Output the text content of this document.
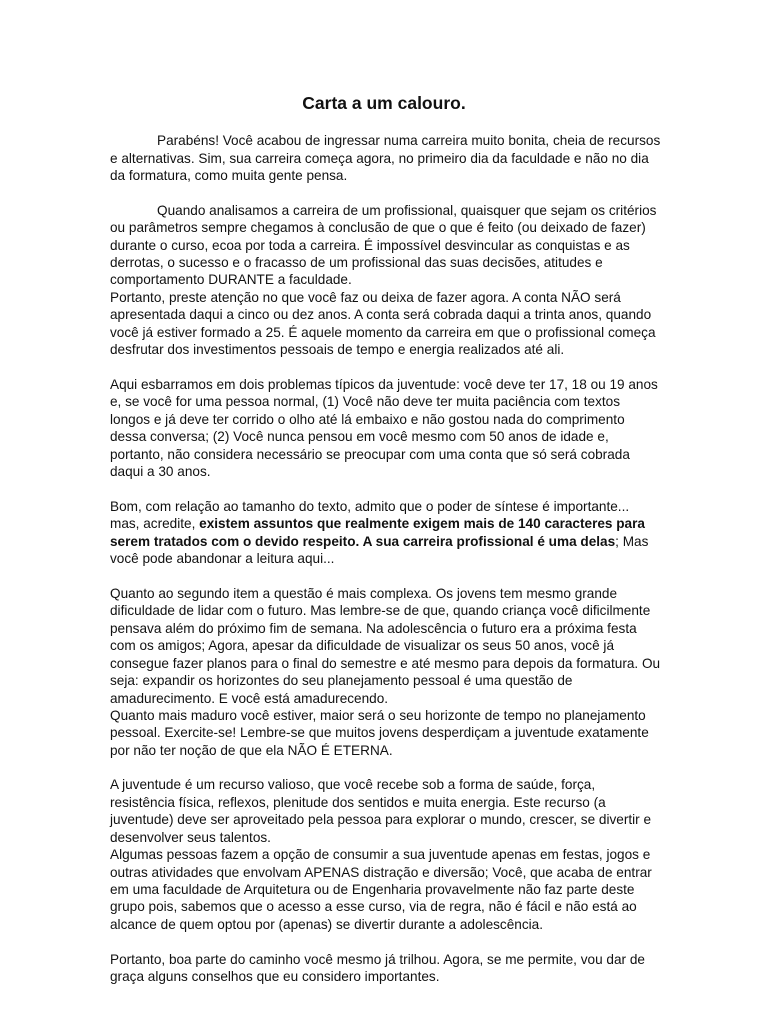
Carta a um calouro.

Parabéns! Você acabou de ingressar numa carreira muito bonita, cheia de recursos

e alternativas. Sim, sua carreira começa agora, no primeiro dia da faculdade e não no dia

da formatura, como muita gente pensa.

Quando analisamos a carreira de um profissional, quaisquer que sejam os critérios

ou parâmetros sempre chegamos à conclusão de que o que é feito (ou deixado de fazer)

durante o curso, ecoa por toda a carreira. É impossível desvincular as conquistas e as

derrotas, o sucesso e o fracasso de um profissional das suas decisões, atitudes e

comportamento DURANTE a faculdade.

Portanto, preste atenção no que você faz ou deixa de fazer agora. A conta NÃO será

apresentada daqui a cinco ou dez anos. A conta será cobrada daqui a trinta anos, quando

você já estiver formado a 25. É aquele momento da carreira em que o profissional começa

desfrutar dos investimentos pessoais de tempo e energia realizados até ali.

Aqui esbarramos em dois problemas típicos da juventude: você deve ter 17, 18 ou 19 anos

e, se você for uma pessoa normal, (1) Você não deve ter muita paciência com textos

longos e já deve ter corrido o olho até lá embaixo e não gostou nada do comprimento

dessa conversa; (2) Você nunca pensou em você mesmo com 50 anos de idade e,

portanto, não considera necessário se preocupar com uma conta que só será cobrada

daqui a 30 anos.

Bom, com relação ao tamanho do texto, admito que o poder de síntese é importante...

mas, acredite, existem assuntos que realmente exigem mais de 140 caracteres para

serem tratados com o devido respeito. A sua carreira profissional é uma delas; Mas

você pode abandonar a leitura aqui...

Quanto ao segundo item a questão é mais complexa. Os jovens tem mesmo grande

dificuldade de lidar com o futuro. Mas lembre-se de que, quando criança você dificilmente

pensava além do próximo fim de semana. Na adolescência o futuro era a próxima festa

com os amigos; Agora, apesar da dificuldade de visualizar os seus 50 anos, você já

consegue fazer planos para o final do semestre e até mesmo para depois da formatura. Ou

seja: expandir os horizontes do seu planejamento pessoal é uma questão de

amadurecimento. E você está amadurecendo.

Quanto mais maduro você estiver, maior será o seu horizonte de tempo no planejamento

pessoal. Exercite-se! Lembre-se que muitos jovens desperdiçam a juventude exatamente

por não ter noção de que ela NÃO É ETERNA.

A juventude é um recurso valioso, que você recebe sob a forma de saúde, força,

resistência física, reflexos, plenitude dos sentidos e muita energia. Este recurso (a

juventude) deve ser aproveitado pela pessoa para explorar o mundo, crescer, se divertir e

desenvolver seus talentos.

Algumas pessoas fazem a opção de consumir a sua juventude apenas em festas, jogos e

outras atividades que envolvam APENAS distração e diversão; Você, que acaba de entrar

em uma faculdade de Arquitetura ou de Engenharia provavelmente não faz parte deste

grupo pois, sabemos que o acesso a esse curso, via de regra, não é fácil e não está ao

alcance de quem optou por (apenas) se divertir durante a adolescência.

Portanto, boa parte do caminho você mesmo já trilhou. Agora, se me permite, vou dar de

graça alguns conselhos que eu considero importantes.
